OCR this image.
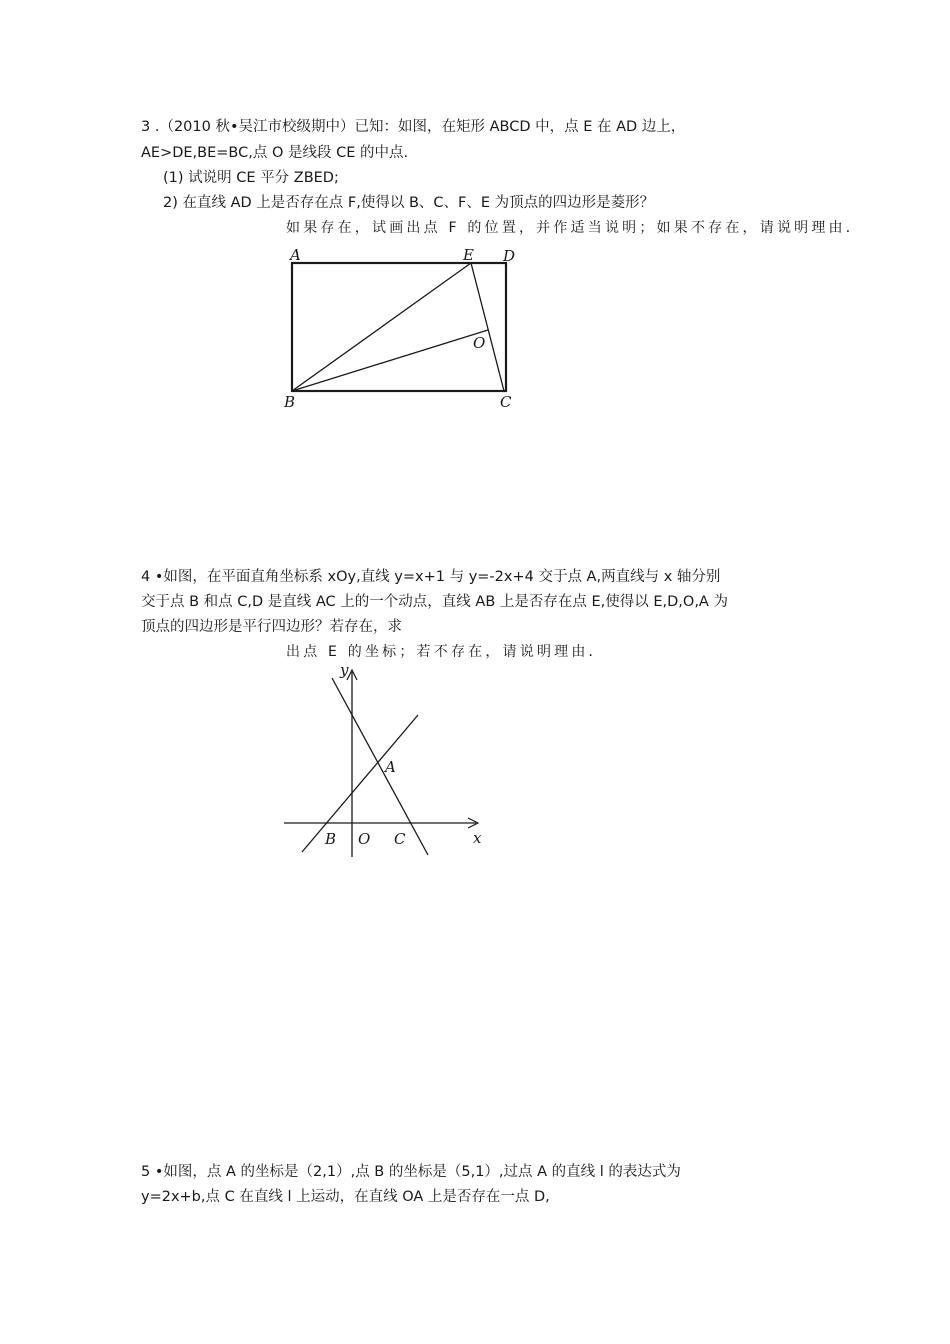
3 .（2010 秋•吴江市校级期中）已知：如图，在矩形 ABCD 中，点 E 在 AD 边上，
AE>DE,BE=BC,点 O 是线段 CE 的中点.
(1) 试说明 CE 平分 ZBED;
2) 在直线 AD 上是否存在点 F,使得以 B、C、F、E 为顶点的四边形是菱形？
如果存在，试画出点 F 的位置，并作适当说明；如果不存在，请说明理由．
A	E D
O
B	C
4 •如图，在平面直角坐标系 xOy,直线 y=x+1 与 y=-2x+4 交于点 A,两直线与 x 轴分别
交于点 B 和点 C,D 是直线 AC 上的一个动点，直线 AB 上是否存在点 E,使得以 E,D,O,A 为
顶点的四边形是平行四边形？若存在，求
出点 E 的坐标；若不存在，请说明理由．
y
x
A
B O C
5 •如图，点 A 的坐标是（2,1）,点 B 的坐标是（5,1）,过点 A 的直线 l 的表达式为
y=2x+b,点 C 在直线 l 上运动，在直线 OA 上是否存在一点 D,
